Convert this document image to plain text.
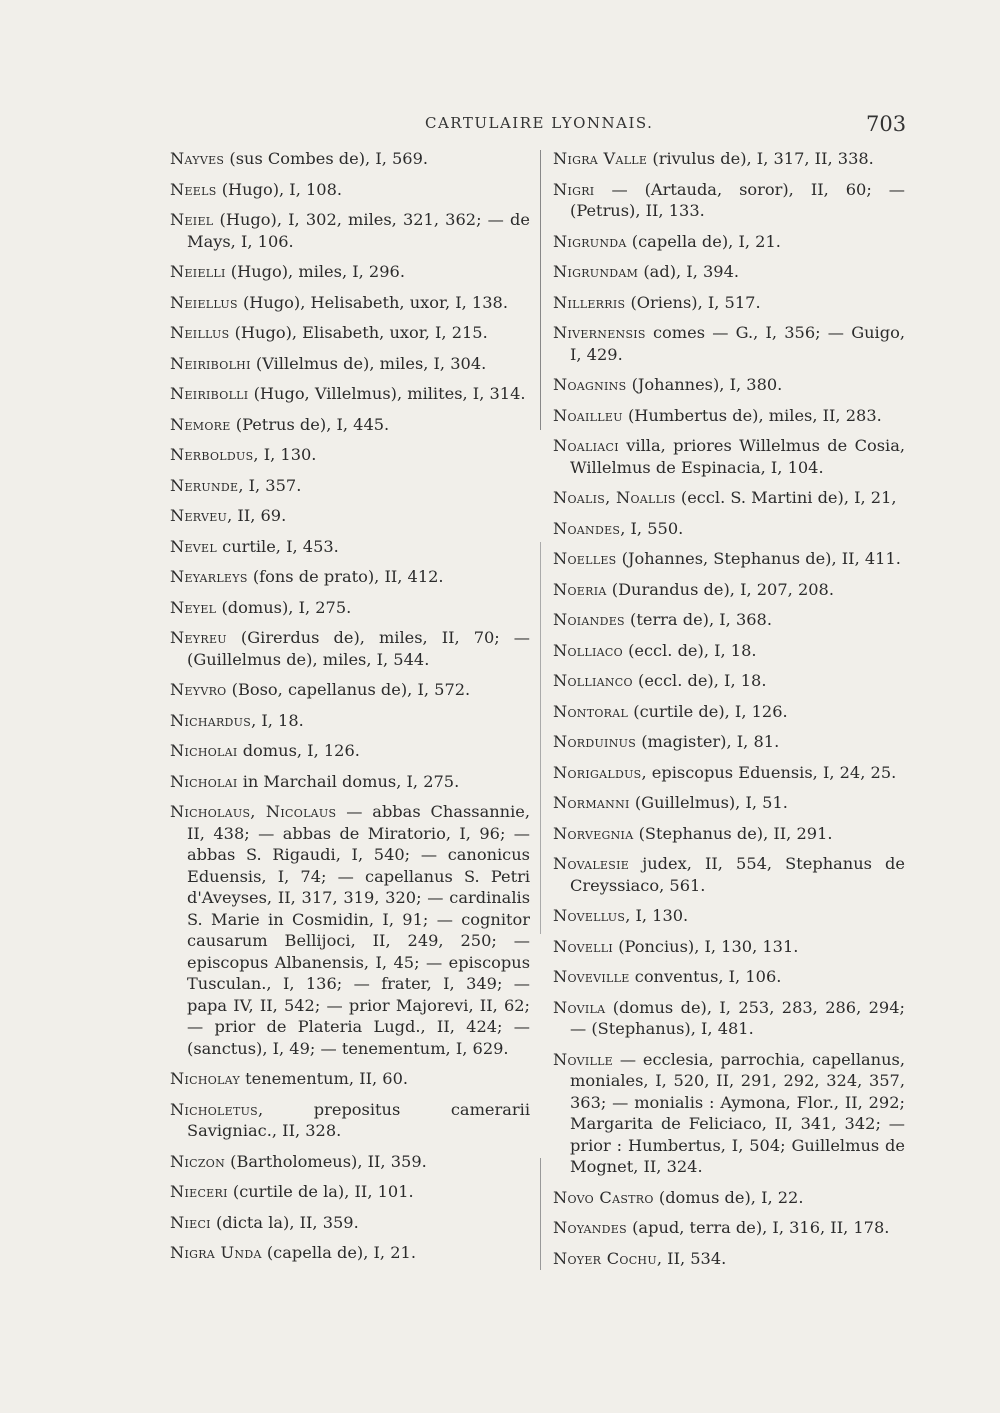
CARTULAIRE LYONNAIS.	703

Nayves (sus Combes de), I, 569.

Neels (Hugo), I, 108.

Neiel (Hugo), I, 302, miles, 321, 362; — de Mays, I, 106.

Neielli (Hugo), miles, I, 296.

Neiellus (Hugo), Helisabeth, uxor, I, 138.

Neillus (Hugo), Elisabeth, uxor, I, 215.

Neiribolhi (Villelmus de), miles, I, 304.

Neiribolli (Hugo, Villelmus), milites, I, 314.

Nemore (Petrus de), I, 445.

Nerboldus, I, 130.

Nerunde, I, 357.

Nerveu, II, 69.

Nevel curtile, I, 453.

Neyarleys (fons de prato), II, 412.

Neyel (domus), I, 275.

Neyreu (Girerdus de), miles, II, 70; — (Guillelmus de), miles, I, 544.

Neyvro (Boso, capellanus de), I, 572.

Nichardus, I, 18.

Nicholai domus, I, 126.

Nicholai in Marchail domus, I, 275.

Nicholaus, Nicolaus — abbas Chassannie, II, 438; — abbas de Miratorio, I, 96; — abbas S. Rigaudi, I, 540; — canonicus Eduensis, I, 74; — capellanus S. Petri d'Aveyses, II, 317, 319, 320; — cardinalis S. Marie in Cosmidin, I, 91; — cognitor causarum Bellijoci, II, 249, 250; — episcopus Albanensis, I, 45; — episcopus Tusculan., I, 136; — frater, I, 349; — papa IV, II, 542; — prior Majorevi, II, 62; — prior de Plateria Lugd., II, 424; — (sanctus), I, 49; — tenementum, I, 629.

Nicholay tenementum, II, 60.

Nicholetus, prepositus camerarii Savigniac., II, 328.

Niczon (Bartholomeus), II, 359.

Nieceri (curtile de la), II, 101.

Nieci (dicta la), II, 359.

Nigra Unda (capella de), I, 21.

Nigra Valle (rivulus de), I, 317, II, 338.

Nigri — (Artauda, soror), II, 60; — (Petrus), II, 133.

Nigrunda (capella de), I, 21.

Nigrundam (ad), I, 394.

Nillerris (Oriens), I, 517.

Nivernensis comes — G., I, 356; — Guigo, I, 429.

Noagnins (Johannes), I, 380.

Noailleu (Humbertus de), miles, II, 283.

Noaliaci villa, priores Willelmus de Cosia, Willelmus de Espinacia, I, 104.

Noalis, Noallis (eccl. S. Martini de), I, 21,

Noandes, I, 550.

Noelles (Johannes, Stephanus de), II, 411.

Noeria (Durandus de), I, 207, 208.

Noiandes (terra de), I, 368.

Nolliaco (eccl. de), I, 18.

Nollianco (eccl. de), I, 18.

Nontoral (curtile de), I, 126.

Norduinus (magister), I, 81.

Norigaldus, episcopus Eduensis, I, 24, 25.

Normanni (Guillelmus), I, 51.

Norvegnia (Stephanus de), II, 291.

Novalesie judex, II, 554, Stephanus de Creyssiaco, 561.

Novellus, I, 130.

Novelli (Poncius), I, 130, 131.

Noveville conventus, I, 106.

Novila (domus de), I, 253, 283, 286, 294; — (Stephanus), I, 481.

Noville — ecclesia, parrochia, capellanus, moniales, I, 520, II, 291, 292, 324, 357, 363; — monialis : Aymona, Flor., II, 292; Margarita de Feliciaco, II, 341, 342; — prior : Humbertus, I, 504; Guillelmus de Mognet, II, 324.

Novo Castro (domus de), I, 22.

Noyandes (apud, terra de), I, 316, II, 178.

Noyer Cochu, II, 534.
